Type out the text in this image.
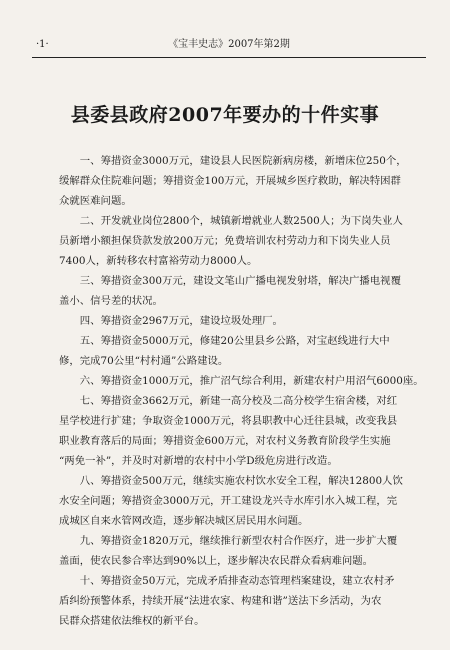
·1·	《宝丰史志》2007年第2期
县委县政府2007年要办的十件实事

一、筹措资金3000万元，建设县人民医院新病房楼，新增床位250个，
缓解群众住院难问题；筹措资金100万元，开展城乡医疗救助，解决特困群
众就医难问题。

二、开发就业岗位2800个，城镇新增就业人数2500人；为下岗失业人
员新增小额担保贷款发放200万元；免费培训农村劳动力和下岗失业人员
7400人，新转移农村富裕劳动力8000人。

三、筹措资金300万元，建设文笔山广播电视发射塔，解决广播电视覆
盖小、信号差的状况。

四、筹措资金2967万元，建设垃圾处理厂。

五、筹措资金5000万元，修建20公里县乡公路，对宝赵线进行大中
修，完成70公里“村村通”公路建设。

六、筹措资金1000万元，推广沼气综合利用，新建农村户用沼气6000座。

七、筹措资金3662万元，新建一高分校及二高分校学生宿舍楼，对红
星学校进行扩建；争取资金1000万元，将县职教中心迁往县城，改变我县
职业教育落后的局面；筹措资金600万元，对农村义务教育阶段学生实施
“两免一补”，并及时对新增的农村中小学D级危房进行改造。

八、筹措资金500万元，继续实施农村饮水安全工程，解决12800人饮
水安全问题；筹措资金3000万元，开工建设龙兴寺水库引水入城工程，完
成城区自来水管网改造，逐步解决城区居民用水问题。

九、筹措资金1820万元，继续推行新型农村合作医疗，进一步扩大覆
盖面，使农民参合率达到90%以上，逐步解决农民群众看病难问题。

十、筹措资金50万元，完成矛盾排查动态管理档案建设，建立农村矛
盾纠纷预警体系，持续开展“法进农家、构建和谐”送法下乡活动，为农
民群众搭建依法维权的新平台。
